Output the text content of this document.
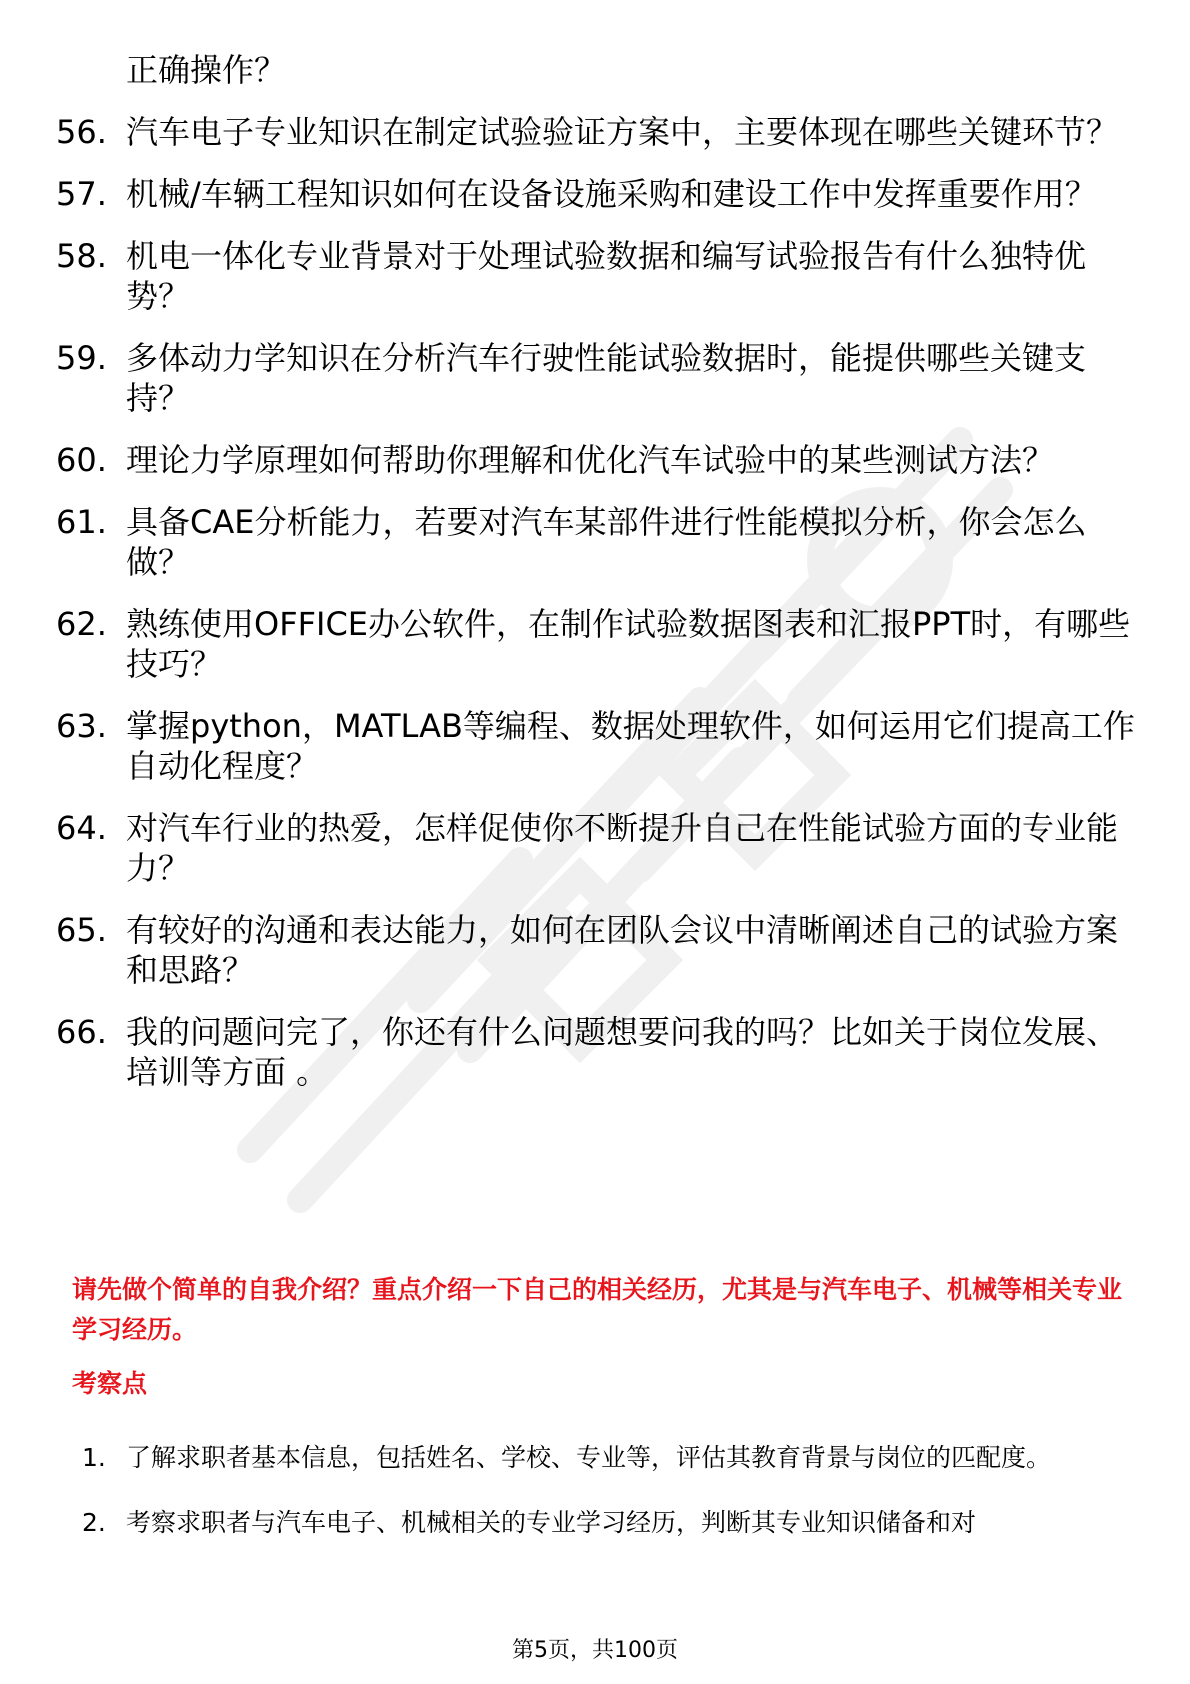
正确操作？
56. 汽车电子专业知识在制定试验验证方案中，主要体现在哪些关键环节？
57. 机械/车辆工程知识如何在设备设施采购和建设工作中发挥重要作用？
58. 机电一体化专业背景对于处理试验数据和编写试验报告有什么独特优势？
59. 多体动力学知识在分析汽车行驶性能试验数据时，能提供哪些关键支持？
60. 理论力学原理如何帮助你理解和优化汽车试验中的某些测试方法？
61. 具备CAE分析能力，若要对汽车某部件进行性能模拟分析，你会怎么做？
62. 熟练使用OFFICE办公软件，在制作试验数据图表和汇报PPT时，有哪些技巧？
63. 掌握python，MATLAB等编程、数据处理软件，如何运用它们提高工作自动化程度？
64. 对汽车行业的热爱，怎样促使你不断提升自己在性能试验方面的专业能力？
65. 有较好的沟通和表达能力，如何在团队会议中清晰阐述自己的试验方案和思路？
66. 我的问题问完了，你还有什么问题想要问我的吗？比如关于岗位发展、培训等方面 。
请先做个简单的自我介绍？重点介绍一下自己的相关经历，尤其是与汽车电子、机械等相关专业学习经历。
考察点
1. 了解求职者基本信息，包括姓名、学校、专业等，评估其教育背景与岗位的匹配度。
2. 考察求职者与汽车电子、机械相关的专业学习经历，判断其专业知识储备和对
第5页，共100页
